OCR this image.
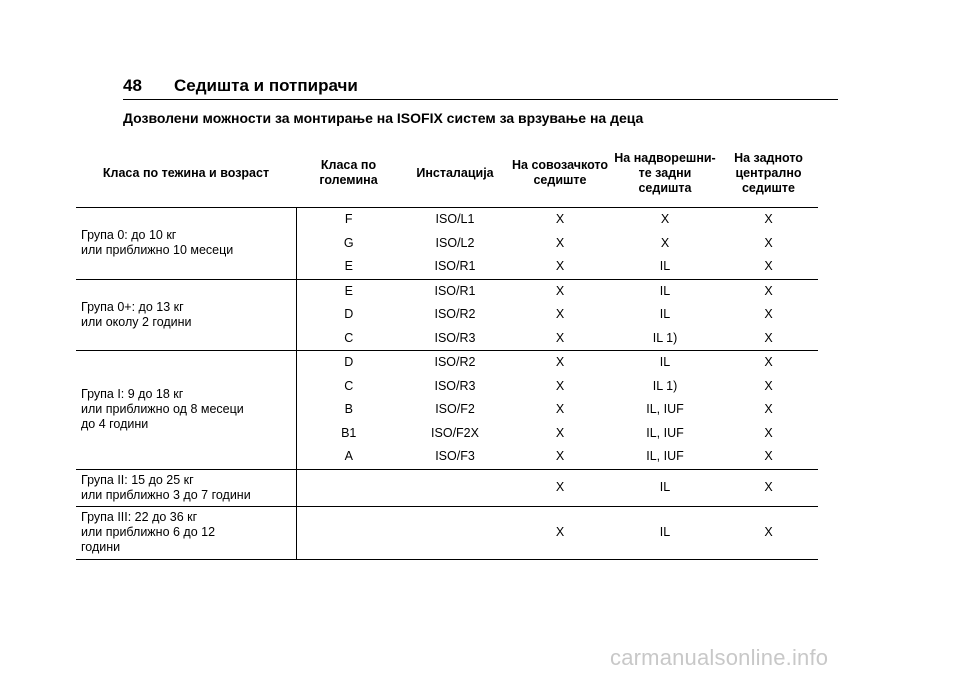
48	Седишта и потпирачи
Дозволени можности за монтирање на ISOFIX систем за врзување на деца
Класа по тежина и возраст	Класа по големина	Инсталација	На совозачкото седиште	На надворешни-те задни седишта	На задното централно седиште

Група 0: до 10 кг
или приближно 10 месеци	F	ISO/L1	X	X	X
	G	ISO/L2	X	X	X
	E	ISO/R1	X	IL	X

Група 0+: до 13 кг
или околу 2 години	E	ISO/R1	X	IL	X
	D	ISO/R2	X	IL	X
	C	ISO/R3	X	IL 1)	X

Група I: 9 до 18 кг
или приближно од 8 месеци
до 4 години	D	ISO/R2	X	IL	X
	C	ISO/R3	X	IL 1)	X
	B	ISO/F2	X	IL, IUF	X
	B1	ISO/F2X	X	IL, IUF	X
	A	ISO/F3	X	IL, IUF	X

Група II: 15 до 25 кг
или приближно 3 до 7 години			X	IL	X

Група III: 22 до 36 кг
или приближно 6 до 12
години			X	IL	X
carmanualsonline.info
